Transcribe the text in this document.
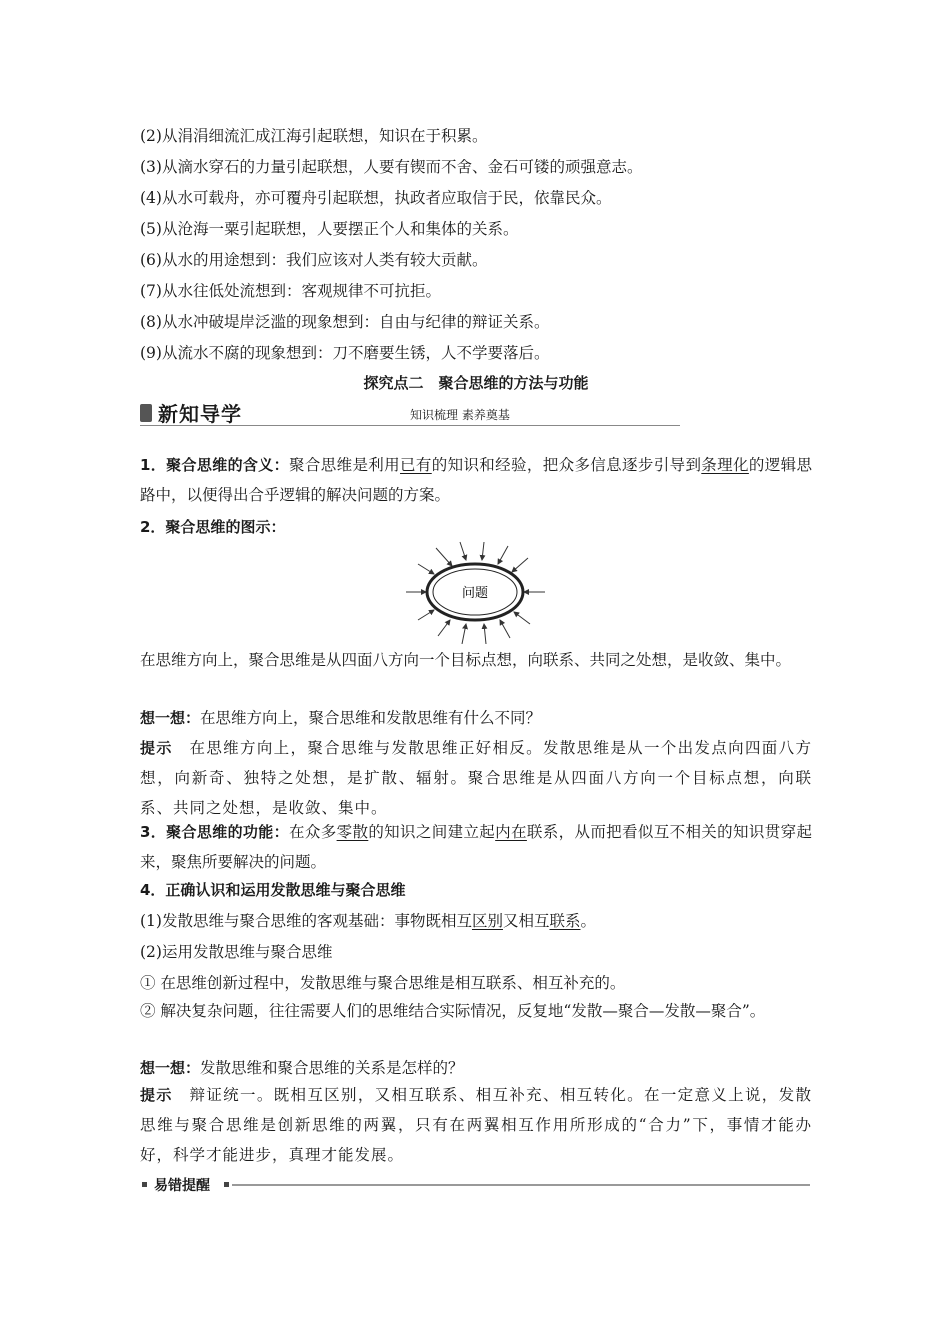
(2)从涓涓细流汇成江海引起联想，知识在于积累。
(3)从滴水穿石的力量引起联想，人要有锲而不舍、金石可镂的顽强意志。
(4)从水可载舟，亦可覆舟引起联想，执政者应取信于民，依靠民众。
(5)从沧海一粟引起联想，人要摆正个人和集体的关系。
(6)从水的用途想到：我们应该对人类有较大贡献。
(7)从水往低处流想到：客观规律不可抗拒。
(8)从水冲破堤岸泛滥的现象想到：自由与纪律的辩证关系。
(9)从流水不腐的现象想到：刀不磨要生锈，人不学要落后。
探究点二　聚合思维的方法与功能
新知导学	知识梳理 素养奠基
1．聚合思维的含义：聚合思维是利用已有的知识和经验，把众多信息逐步引导到条理化的逻辑思路中，以便得出合乎逻辑的解决问题的方案。
2．聚合思维的图示：
问题
在思维方向上，聚合思维是从四面八方向一个目标点想，向联系、共同之处想，是收敛、集中。
想一想：在思维方向上，聚合思维和发散思维有什么不同？
提示　 在思维方向上，聚合思维与发散思维正好相反。发散思维是从一个出发点向四面八方想，向新奇、独特之处想，是扩散、辐射。聚合思维是从四面八方向一个目标点想，向联系、共同之处想，是收敛、集中。
3．聚合思维的功能：在众多零散的知识之间建立起内在联系，从而把看似互不相关的知识贯穿起来，聚焦所要解决的问题。
4．正确认识和运用发散思维与聚合思维
(1)发散思维与聚合思维的客观基础：事物既相互区别又相互联系。
(2)运用发散思维与聚合思维
① 在思维创新过程中，发散思维与聚合思维是相互联系、相互补充的。
② 解决复杂问题，往往需要人们的思维结合实际情况，反复地“发散—聚合—发散—聚合”。
想一想：发散思维和聚合思维的关系是怎样的？
提示　 辩证统一。既相互区别，又相互联系、相互补充、相互转化。在一定意义上说，发散思维与聚合思维是创新思维的两翼，只有在两翼相互作用所形成的“合力”下，事情才能办好，科学才能进步，真理才能发展。
易错提醒
